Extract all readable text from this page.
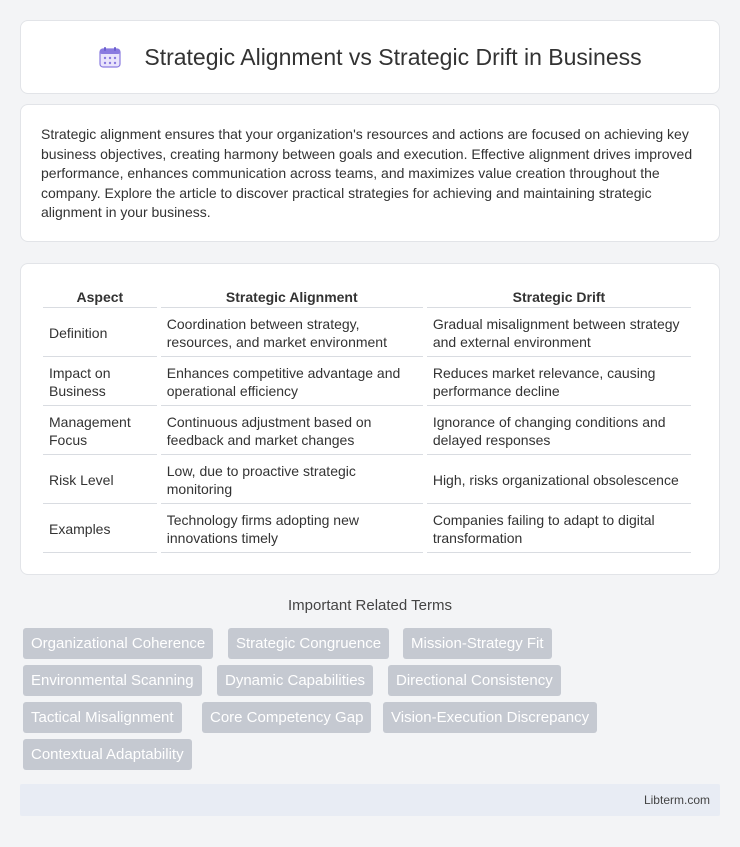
Strategic Alignment vs Strategic Drift in Business

Strategic alignment ensures that your organization's resources and actions are focused on achieving key business objectives, creating harmony between goals and execution. Effective alignment drives improved performance, enhances communication across teams, and maximizes value creation throughout the company. Explore the article to discover practical strategies for achieving and maintaining strategic alignment in your business.

Aspect	Strategic Alignment	Strategic Drift
Definition	Coordination between strategy, resources, and market environment	Gradual misalignment between strategy and external environment
Impact on Business	Enhances competitive advantage and operational efficiency	Reduces market relevance, causing performance decline
Management Focus	Continuous adjustment based on feedback and market changes	Ignorance of changing conditions and delayed responses
Risk Level	Low, due to proactive strategic monitoring	High, risks organizational obsolescence
Examples	Technology firms adopting new innovations timely	Companies failing to adapt to digital transformation
Important Related Terms
Organizational Coherence	Strategic Congruence	Mission-Strategy Fit
Environmental Scanning	Dynamic Capabilities	Directional Consistency
Tactical Misalignment	Core Competency Gap	Vision-Execution Discrepancy
Contextual Adaptability
Libterm.com
